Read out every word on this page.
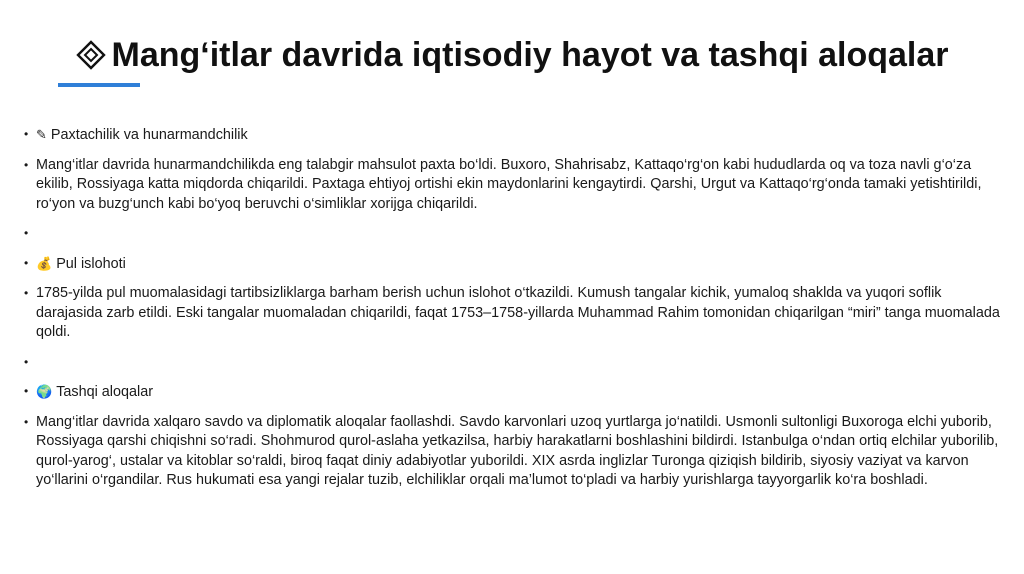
Mang‘itlar davrida iqtisodiy hayot va tashqi aloqalar
• ✎ Paxtachilik va hunarmandchilik
• Mang‘itlar davrida hunarmandchilikda eng talabgir mahsulot paxta bo‘ldi. Buxoro, Shahrisabz, Kattaqo‘rg‘on kabi hududlarda oq va toza navli g‘o‘za ekilib, Rossiyaga katta miqdorda chiqarildi. Paxtaga ehtiyoj ortishi ekin maydonlarini kengaytirdi. Qarshi, Urgut va Kattaqo‘rg‘onda tamaki yetishtirildi, ro‘yon va buzg‘unch kabi bo‘yoq beruvchi o‘simliklar xorijga chiqarildi.
•
• 💰 Pul islohoti
• 1785-yilda pul muomalasidagi tartibsizliklarga barham berish uchun islohot o‘tkazildi. Kumush tangalar kichik, yumaloq shaklda va yuqori soflik darajasida zarb etildi. Eski tangalar muomaladan chiqarildi, faqat 1753–1758-yillarda Muhammad Rahim tomonidan chiqarilgan “miri” tanga muomalada qoldi.
•
• 🌍 Tashqi aloqalar
• Mang‘itlar davrida xalqaro savdo va diplomatik aloqalar faollashdi. Savdo karvonlari uzoq yurtlarga jo‘natildi. Usmonli sultonligi Buxoroga elchi yuborib, Rossiyaga qarshi chiqishni so‘radi. Shohmurod qurol-aslaha yetkazilsa, harbiy harakatlarni boshlashini bildirdi. Istanbulga o‘ndan ortiq elchilar yuborilib, qurol-yarog‘, ustalar va kitoblar so‘raldi, biroq faqat diniy adabiyotlar yuborildi. XIX asrda inglizlar Turonga qiziqish bildirib, siyosiy vaziyat va karvon yo‘llarini o‘rgandilar. Rus hukumati esa yangi rejalar tuzib, elchiliklar orqali ma’lumot to‘pladi va harbiy yurishlarga tayyorgarlik ko‘ra boshladi.
